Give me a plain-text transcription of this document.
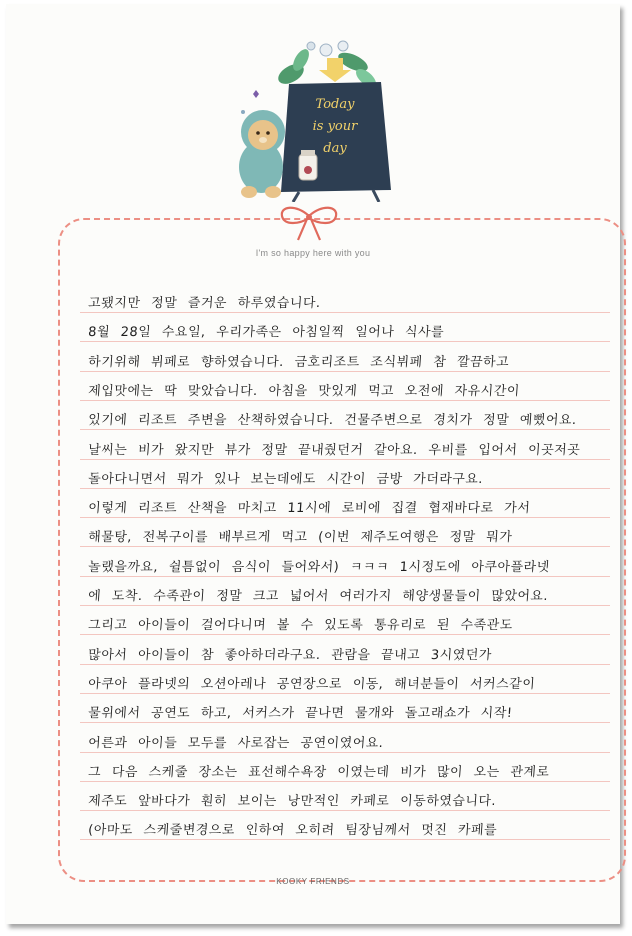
Today
is your
day
I'm so happy here with you
고됐지만 정말 즐거운 하루였습니다.
8월 28일 수요일, 우리가족은 아침일찍 일어나 식사를
하기위해 뷔페로 향하였습니다. 금호리조트 조식뷔페 참 깔끔하고
제입맛에는 딱 맞았습니다. 아침을 맛있게 먹고 오전에 자유시간이
있기에 리조트 주변을 산책하였습니다. 건물주변으로 경치가 정말 예뻤어요.
날씨는 비가 왔지만 뷰가 정말 끝내줬던거 같아요. 우비를 입어서 이곳저곳
돌아다니면서 뭐가 있나 보는데에도 시간이 금방 가더라구요.
이렇게 리조트 산책을 마치고 11시에 로비에 집결 협재바다로 가서
해물탕, 전복구이를 배부르게 먹고 (이번 제주도여행은 정말 뭐가
놀랬을까요, 쉴틈없이 음식이 들어와서) ㅋㅋㅋ 1시정도에 아쿠아플라넷
에 도착. 수족관이 정말 크고 넓어서 여러가지 해양생물들이 많았어요.
그리고 아이들이 걸어다니며 볼 수 있도록 통유리로 된 수족관도
많아서 아이들이 참 좋아하더라구요. 관람을 끝내고 3시였던가
아쿠아 플라넷의 오션아레나 공연장으로 이동, 해녀분들이 서커스같이
물위에서 공연도 하고, 서커스가 끝나면 물개와 돌고래쇼가 시작!
어른과 아이들 모두를 사로잡는 공연이였어요.
그 다음 스케줄 장소는 표선해수욕장 이였는데 비가 많이 오는 관계로
제주도 앞바다가 훤히 보이는 낭만적인 카페로 이동하였습니다.
(아마도 스케줄변경으로 인하여 오히려 팀장님께서 멋진 카페를
KOOKY FRIENDS
